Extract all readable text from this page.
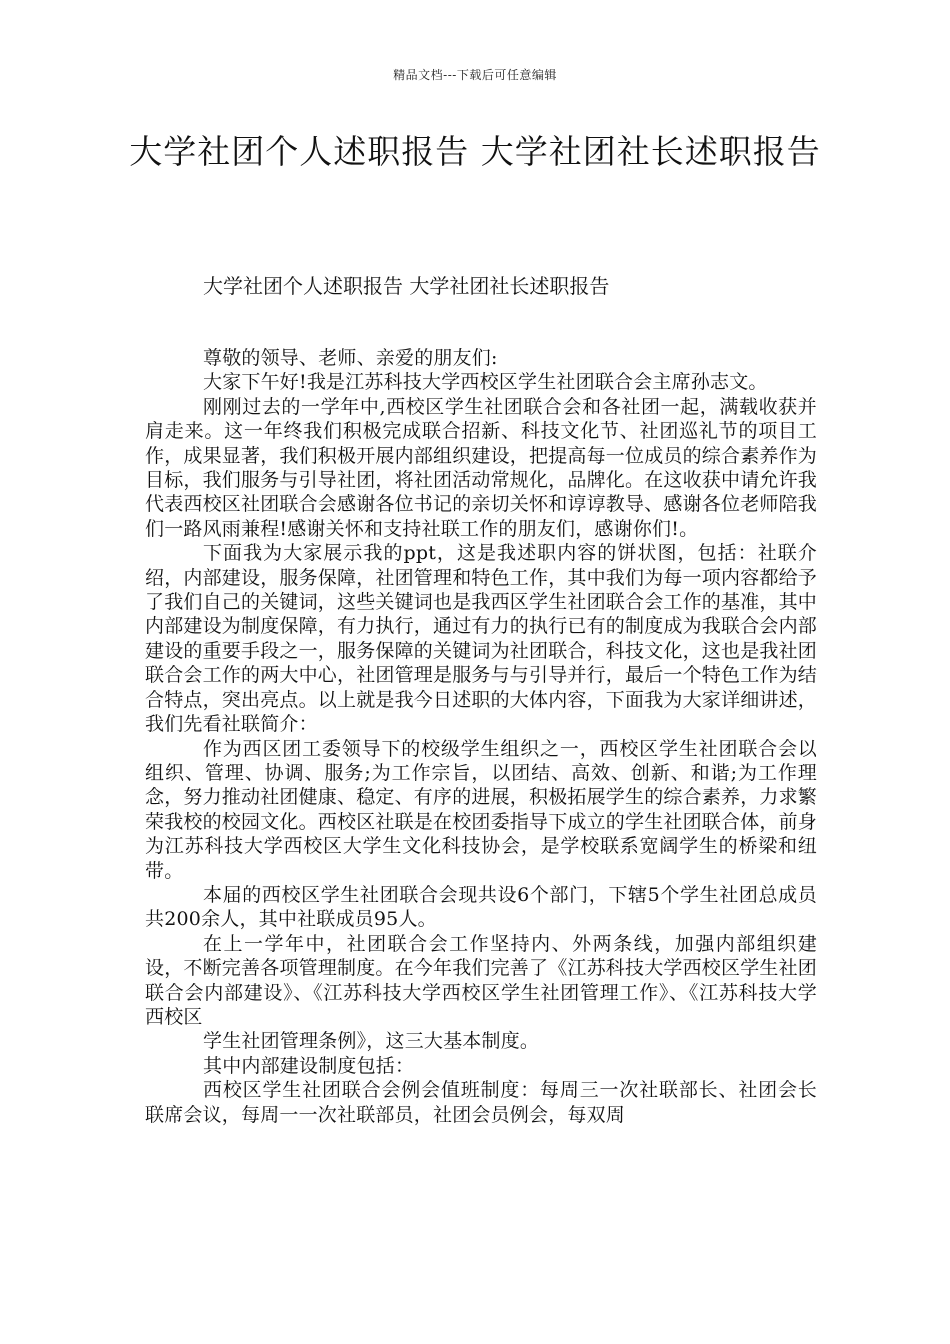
精品文档---下载后可任意编辑
大学社团个人述职报告 大学社团社长述职报告
大学社团个人述职报告 大学社团社长述职报告

尊敬的领导、老师、亲爱的朋友们:

大家下午好!我是江苏科技大学西校区学生社团联合会主席孙志文。

刚刚过去的一学年中,西校区学生社团联合会和各社团一起，满载收获并肩走来。这一年终我们积极完成联合招新、科技文化节、社团巡礼节的项目工作，成果显著，我们积极开展内部组织建设，把提高每一位成员的综合素养作为目标，我们服务与引导社团，将社团活动常规化，品牌化。在这收获中请允许我代表西校区社团联合会感谢各位书记的亲切关怀和谆谆教导、感谢各位老师陪我们一路风雨兼程!感谢关怀和支持社联工作的朋友们，感谢你们!。

下面我为大家展示我的ppt，这是我述职内容的饼状图，包括：社联介绍，内部建设，服务保障，社团管理和特色工作，其中我们为每一项内容都给予了我们自己的关键词，这些关键词也是我西区学生社团联合会工作的基准，其中内部建设为制度保障，有力执行，通过有力的执行已有的制度成为我联合会内部建设的重要手段之一，服务保障的关键词为社团联合，科技文化，这也是我社团联合会工作的两大中心，社团管理是服务与与引导并行，最后一个特色工作为结合特点，突出亮点。以上就是我今日述职的大体内容，下面我为大家详细讲述，我们先看社联简介：

作为西区团工委领导下的校级学生组织之一，西校区学生社团联合会以组织、管理、协调、服务;为工作宗旨，以团结、高效、创新、和谐;为工作理念，努力推动社团健康、稳定、有序的进展，积极拓展学生的综合素养，力求繁荣我校的校园文化。西校区社联是在校团委指导下成立的学生社团联合体，前身为江苏科技大学西校区大学生文化科技协会，是学校联系宽阔学生的桥梁和纽带。

本届的西校区学生社团联合会现共设6个部门，下辖5个学生社团总成员共200余人，其中社联成员95人。

在上一学年中，社团联合会工作坚持内、外两条线，加强内部组织建设，不断完善各项管理制度。在今年我们完善了《江苏科技大学西校区学生社团联合会内部建设》、《江苏科技大学西校区学生社团管理工作》、《江苏科技大学西校区

学生社团管理条例》，这三大基本制度。

其中内部建设制度包括：

西校区学生社团联合会例会值班制度：每周三一次社联部长、社团会长联席会议，每周一一次社联部员，社团会员例会，每双周
